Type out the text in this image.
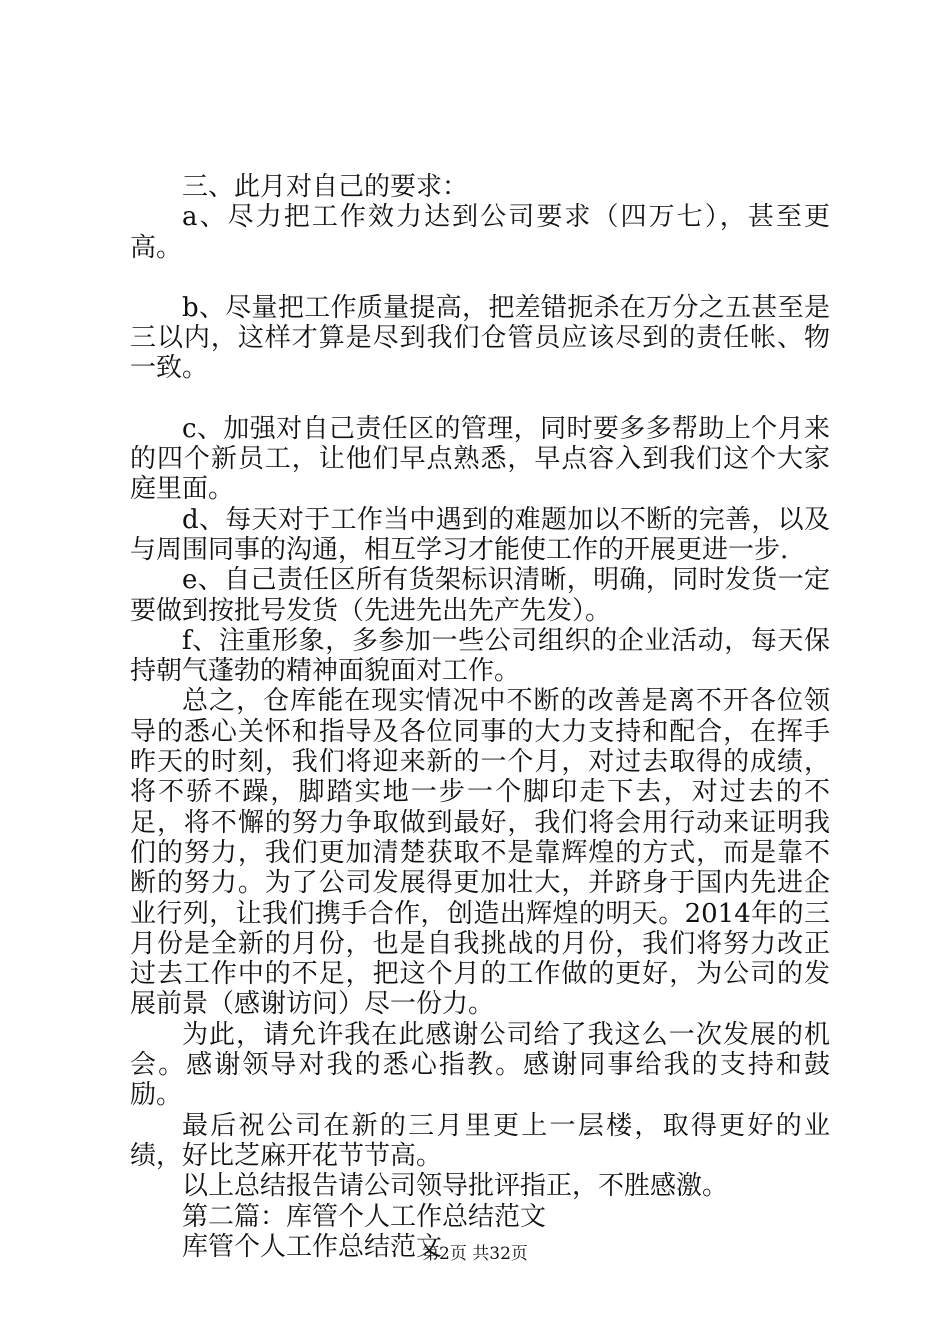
三、此月对自己的要求：

a、尽力把工作效力达到公司要求（四万七），甚至更高。

b、尽量把工作质量提高，把差错扼杀在万分之五甚至是三以内，这样才算是尽到我们仓管员应该尽到的责任帐、物一致。

c、加强对自己责任区的管理，同时要多多帮助上个月来的四个新员工，让他们早点熟悉，早点容入到我们这个大家庭里面。

d、每天对于工作当中遇到的难题加以不断的完善，以及与周围同事的沟通，相互学习才能使工作的开展更进一步.

e、自己责任区所有货架标识清晰，明确，同时发货一定要做到按批号发货（先进先出先产先发）。

f、注重形象，多参加一些公司组织的企业活动，每天保持朝气蓬勃的精神面貌面对工作。

总之，仓库能在现实情况中不断的改善是离不开各位领导的悉心关怀和指导及各位同事的大力支持和配合，在挥手昨天的时刻，我们将迎来新的一个月，对过去取得的成绩，将不骄不躁，脚踏实地一步一个脚印走下去，对过去的不足，将不懈的努力争取做到最好，我们将会用行动来证明我们的努力，我们更加清楚获取不是靠辉煌的方式，而是靠不断的努力。为了公司发展得更加壮大，并跻身于国内先进企业行列，让我们携手合作，创造出辉煌的明天。2014年的三月份是全新的月份，也是自我挑战的月份，我们将努力改正过去工作中的不足，把这个月的工作做的更好，为公司的发展前景（感谢访问）尽一份力。

为此，请允许我在此感谢公司给了我这么一次发展的机会。感谢领导对我的悉心指教。感谢同事给我的支持和鼓励。

最后祝公司在新的三月里更上一层楼，取得更好的业绩，好比芝麻开花节节高。

以上总结报告请公司领导批评指正，不胜感激。

第二篇：库管个人工作总结范文

库管个人工作总结范文

第2页 共32页
